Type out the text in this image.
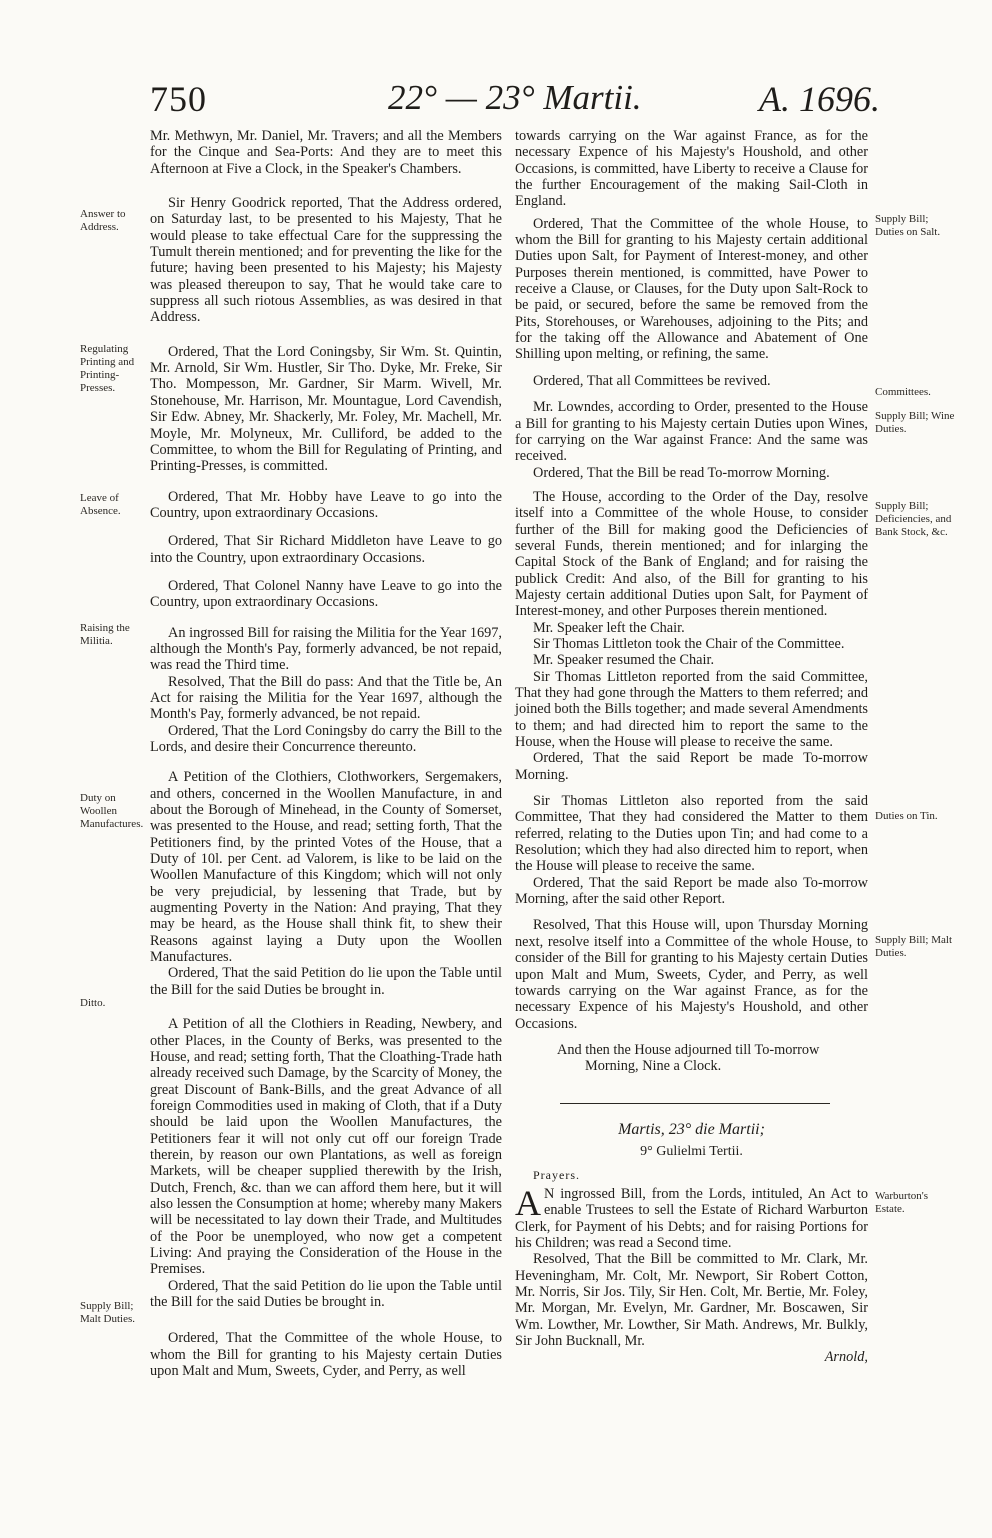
750	22° — 23° Martii.	A. 1696.
Answer to Address.
Regulating Printing and Printing-Presses.
Leave of Absence.
Raising the Militia.
Duty on Woollen Manufactures.
Ditto.
Supply Bill; Malt Duties.
Supply Bill; Duties on Salt.
Committees.
Supply Bill; Wine Duties.
Supply Bill; Deficiencies, and Bank Stock, &c.
Duties on Tin.
Supply Bill; Malt Duties.
Warburton's Estate.

Mr. Methwyn, Mr. Daniel, Mr. Travers; and all the Members for the Cinque and Sea-Ports: And they are to meet this Afternoon at Five a Clock, in the Speaker's Chambers.

Sir Henry Goodrick reported, That the Address ordered, on Saturday last, to be presented to his Majesty, That he would please to take effectual Care for the suppressing the Tumult therein mentioned; and for preventing the like for the future; having been presented to his Majesty; his Majesty was pleased thereupon to say, That he would take care to suppress all such riotous Assemblies, as was desired in that Address.

Ordered, That the Lord Coningsby, Sir Wm. St. Quintin, Mr. Arnold, Sir Wm. Hustler, Sir Tho. Dyke, Mr. Freke, Sir Tho. Mompesson, Mr. Gardner, Sir Marm. Wivell, Mr. Stonehouse, Mr. Harrison, Mr. Mountague, Lord Cavendish, Sir Edw. Abney, Mr. Shackerly, Mr. Foley, Mr. Machell, Mr. Moyle, Mr. Molyneux, Mr. Culliford, be added to the Committee, to whom the Bill for Regulating of Printing, and Printing-Presses, is committed.

Ordered, That Mr. Hobby have Leave to go into the Country, upon extraordinary Occasions.

Ordered, That Sir Richard Middleton have Leave to go into the Country, upon extraordinary Occasions.

Ordered, That Colonel Nanny have Leave to go into the Country, upon extraordinary Occasions.

An ingrossed Bill for raising the Militia for the Year 1697, although the Month's Pay, formerly advanced, be not repaid, was read the Third time.

Resolved, That the Bill do pass: And that the Title be, An Act for raising the Militia for the Year 1697, although the Month's Pay, formerly advanced, be not repaid.

Ordered, That the Lord Coningsby do carry the Bill to the Lords, and desire their Concurrence thereunto.

A Petition of the Clothiers, Clothworkers, Sergemakers, and others, concerned in the Woollen Manufacture, in and about the Borough of Minehead, in the County of Somerset, was presented to the House, and read; setting forth, That the Petitioners find, by the printed Votes of the House, that a Duty of 10l. per Cent. ad Valorem, is like to be laid on the Woollen Manufacture of this Kingdom; which will not only be very prejudicial, by lessening that Trade, but by augmenting Poverty in the Nation: And praying, That they may be heard, as the House shall think fit, to shew their Reasons against laying a Duty upon the Woollen Manufactures.

Ordered, That the said Petition do lie upon the Table until the Bill for the said Duties be brought in.

A Petition of all the Clothiers in Reading, Newbery, and other Places, in the County of Berks, was presented to the House, and read; setting forth, That the Cloathing-Trade hath already received such Damage, by the Scarcity of Money, the great Discount of Bank-Bills, and the great Advance of all foreign Commodities used in making of Cloth, that if a Duty should be laid upon the Woollen Manufactures, the Petitioners fear it will not only cut off our foreign Trade therein, by reason our own Plantations, as well as foreign Markets, will be cheaper supplied therewith by the Irish, Dutch, French, &c. than we can afford them here, but it will also lessen the Consumption at home; whereby many Makers will be necessitated to lay down their Trade, and Multitudes of the Poor be unemployed, who now get a competent Living: And praying the Consideration of the House in the Premises.

Ordered, That the said Petition do lie upon the Table until the Bill for the said Duties be brought in.

Ordered, That the Committee of the whole House, to whom the Bill for granting to his Majesty certain Duties upon Malt and Mum, Sweets, Cyder, and Perry, as well

towards carrying on the War against France, as for the necessary Expence of his Majesty's Houshold, and other Occasions, is committed, have Liberty to receive a Clause for the further Encouragement of the making Sail-Cloth in England.

Ordered, That the Committee of the whole House, to whom the Bill for granting to his Majesty certain additional Duties upon Salt, for Payment of Interest-money, and other Purposes therein mentioned, is committed, have Power to receive a Clause, or Clauses, for the Duty upon Salt-Rock to be paid, or secured, before the same be removed from the Pits, Storehouses, or Warehouses, adjoining to the Pits; and for the taking off the Allowance and Abatement of One Shilling upon melting, or refining, the same.

Ordered, That all Committees be revived.

Mr. Lowndes, according to Order, presented to the House a Bill for granting to his Majesty certain Duties upon Wines, for carrying on the War against France: And the same was received.

Ordered, That the Bill be read To-morrow Morning.

The House, according to the Order of the Day, resolve itself into a Committee of the whole House, to consider further of the Bill for making good the Deficiencies of several Funds, therein mentioned; and for inlarging the Capital Stock of the Bank of England; and for raising the publick Credit: And also, of the Bill for granting to his Majesty certain additional Duties upon Salt, for Payment of Interest-money, and other Purposes therein mentioned.

Mr. Speaker left the Chair.

Sir Thomas Littleton took the Chair of the Committee.

Mr. Speaker resumed the Chair.

Sir Thomas Littleton reported from the said Committee, That they had gone through the Matters to them referred; and joined both the Bills together; and made several Amendments to them; and had directed him to report the same to the House, when the House will please to receive the same.

Ordered, That the said Report be made To-morrow Morning.

Sir Thomas Littleton also reported from the said Committee, That they had considered the Matter to them referred, relating to the Duties upon Tin; and had come to a Resolution; which they had also directed him to report, when the House will please to receive the same.

Ordered, That the said Report be made also To-morrow Morning, after the said other Report.

Resolved, That this House will, upon Thursday Morning next, resolve itself into a Committee of the whole House, to consider of the Bill for granting to his Majesty certain Duties upon Malt and Mum, Sweets, Cyder, and Perry, as well towards carrying on the War against France, as for the necessary Expence of his Majesty's Houshold, and other Occasions.

And then the House adjourned till To-morrow Morning, Nine a Clock.

Martis, 23° die Martii;
9° Gulielmi Tertii.
Prayers.

A N ingrossed Bill, from the Lords, intituled, An Act to enable Trustees to sell the Estate of Richard Warburton Clerk, for Payment of his Debts; and for raising Portions for his Children; was read a Second time.

Resolved, That the Bill be committed to Mr. Clark, Mr. Heveningham, Mr. Colt, Mr. Newport, Sir Robert Cotton, Mr. Norris, Sir Jos. Tily, Sir Hen. Colt, Mr. Bertie, Mr. Foley, Mr. Morgan, Mr. Evelyn, Mr. Gardner, Mr. Boscawen, Sir Wm. Lowther, Mr. Lowther, Sir Math. Andrews, Mr. Bulkly, Sir John Bucknall, Mr.

Arnold,
